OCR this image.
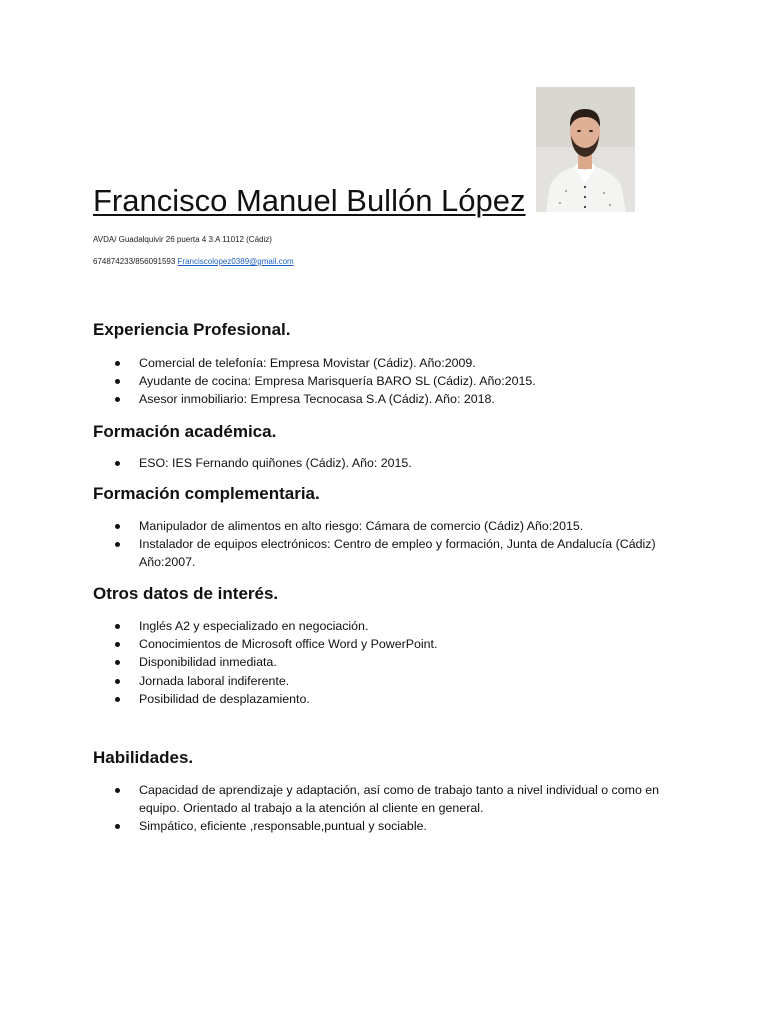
Francisco Manuel Bullón López
AVDA/ Guadalquivir 26 puerta 4 3.A 11012 (Cádiz)
674874233/856091593 Franciscolopez0389@gmail.com
Experiencia Profesional.
Comercial de telefonía: Empresa Movistar (Cádiz). Año:2009.
Ayudante de cocina: Empresa Marisquería BARO SL (Cádiz). Año:2015.
Asesor inmobiliario: Empresa Tecnocasa S.A (Cádiz). Año: 2018.
Formación académica.
ESO: IES Fernando quiñones (Cádiz). Año: 2015.
Formación complementaria.
Manipulador de alimentos en alto riesgo: Cámara de comercio (Cádiz) Año:2015.
Instalador de equipos electrónicos: Centro de empleo y formación, Junta de Andalucía (Cádiz) Año:2007.
Otros datos de interés.
Inglés A2 y especializado en negociación.
Conocimientos de Microsoft office Word y PowerPoint.
Disponibilidad inmediata.
Jornada laboral indiferente.
Posibilidad de desplazamiento.
Habilidades.
Capacidad de aprendizaje y adaptación, así como de trabajo tanto a nivel individual o como en equipo. Orientado al trabajo a la atención al cliente en general.
Simpático, eficiente ,responsable,puntual y sociable.
